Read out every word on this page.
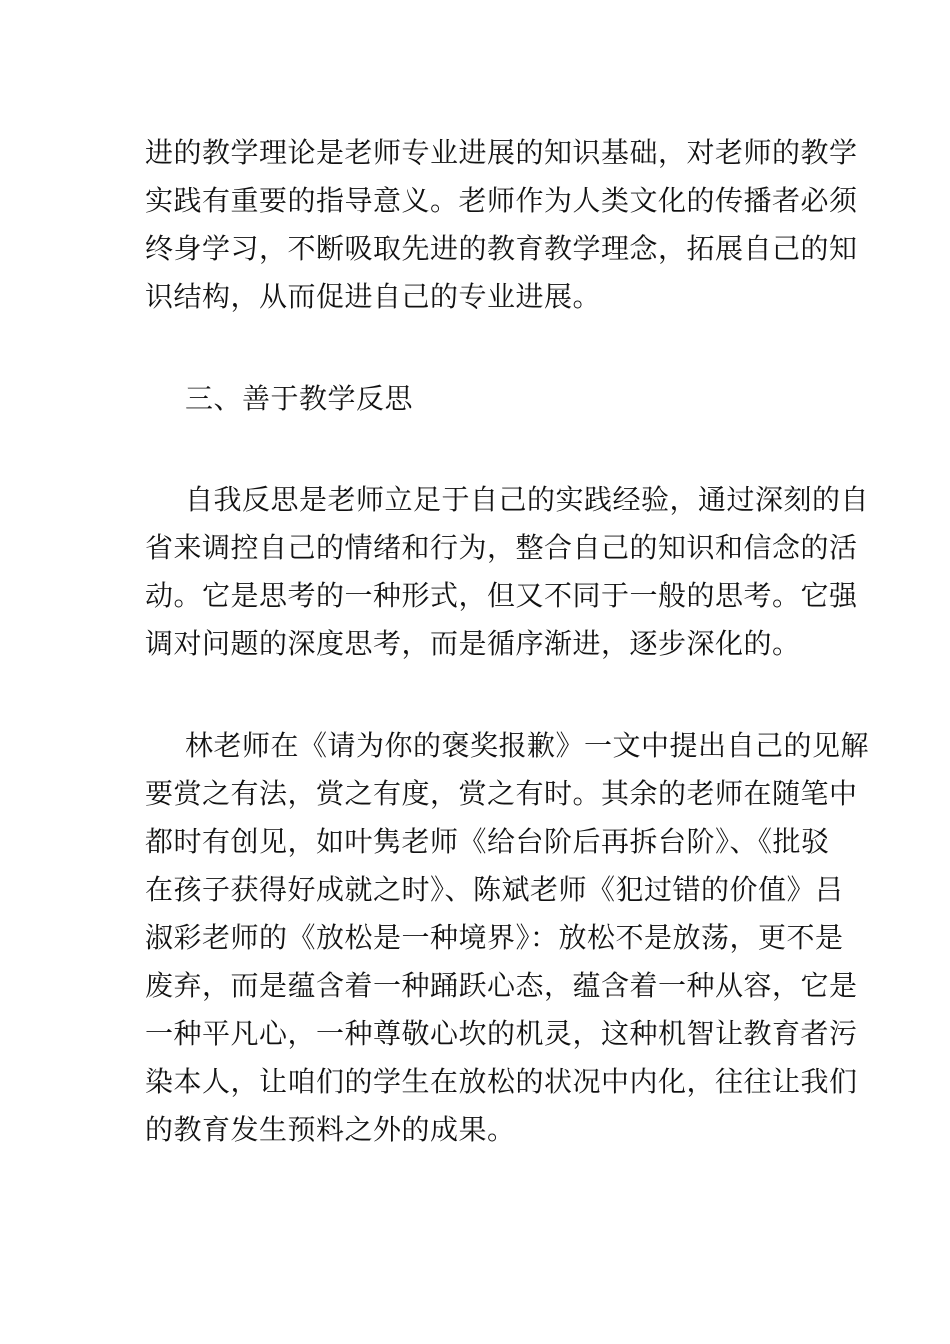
进的教学理论是老师专业进展的知识基础，对老师的教学
实践有重要的指导意义。老师作为人类文化的传播者必须
终身学习，不断吸取先进的教育教学理念，拓展自己的知
识结构，从而促进自己的专业进展。
三、善于教学反思
自我反思是老师立足于自己的实践经验，通过深刻的自
省来调控自己的情绪和行为，整合自己的知识和信念的活
动。它是思考的一种形式，但又不同于一般的思考。它强
调对问题的深度思考，而是循序渐进，逐步深化的。
林老师在《请为你的褒奖报歉》一文中提出自己的见解
要赏之有法，赏之有度，赏之有时。其余的老师在随笔中
都时有创见，如叶隽老师《给台阶后再拆台阶》、《批驳
在孩子获得好成就之时》、陈斌老师《犯过错的价值》吕
淑彩老师的《放松是一种境界》：放松不是放荡，更不是
废弃，而是蕴含着一种踊跃心态，蕴含着一种从容，它是
一种平凡心，一种尊敬心坎的机灵，这种机智让教育者污
染本人，让咱们的学生在放松的状况中内化，往往让我们
的教育发生预料之外的成果。
